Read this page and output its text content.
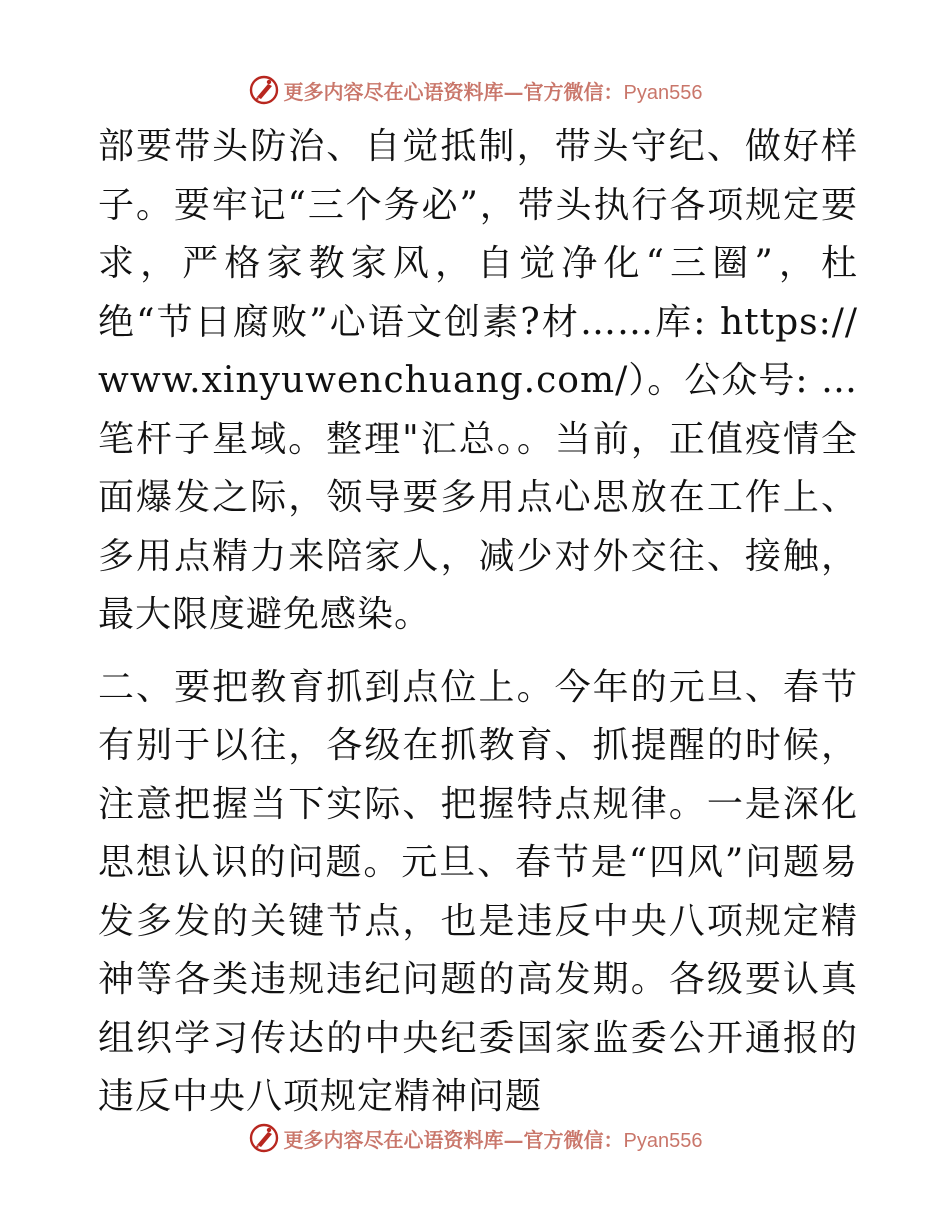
更多内容尽在心语资料库—官方微信：Pyan556

部要带头防治、自觉抵制，带头守纪、做好样子。要牢记“三个务必”，带头执行各项规定要求，严格家教家风，自觉净化“三圈”，杜绝“节日腐败”心语文创素?材……库: https://www.xinyuwenchuang.com/）。公众号: …笔杆子星域。整理"汇总。。当前，正值疫情全面爆发之际，领导要多用点心思放在工作上、多用点精力来陪家人，减少对外交往、接触，最大限度避免感染。

二、要把教育抓到点位上。今年的元旦、春节有别于以往，各级在抓教育、抓提醒的时候，注意把握当下实际、把握特点规律。一是深化思想认识的问题。元旦、春节是“四风”问题易发多发的关键节点，也是违反中央八项规定精神等各类违规违纪问题的高发期。各级要认真组织学习传达的中央纪委国家监委公开通报的违反中央八项规定精神问题

更多内容尽在心语资料库—官方微信：Pyan556
